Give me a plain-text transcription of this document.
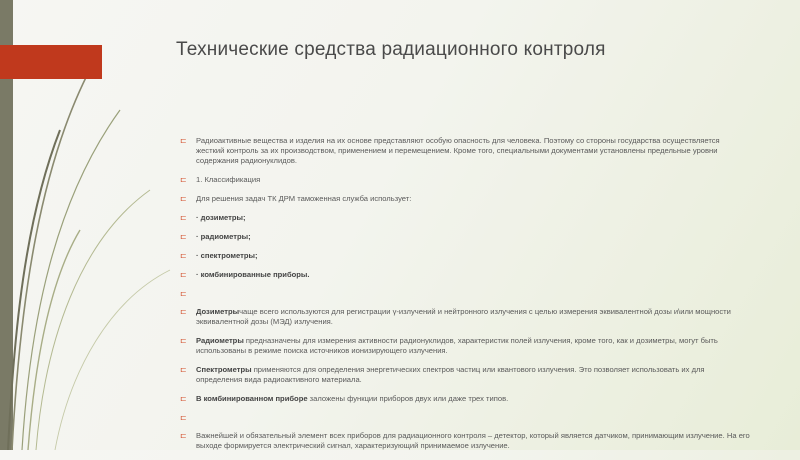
Технические средства радиационного контроля
⊏ Радиоактивные вещества и изделия на их основе представляют особую опасность для человека. Поэтому со стороны государства осуществляется жесткий контроль за их производством, применением и перемещением. Кроме того, специальными документами установлены предельные уровни содержания радионуклидов.
⊏ 1. Классификация
⊏ Для решения задач ТК ДРМ таможенная служба использует:
⊏ · дозиметры;
⊏ · радиометры;
⊏ · спектрометры;
⊏ · комбинированные приборы.
⊏
⊏ Дозиметрычаще всего используются для регистрации γ-излучений и нейтронного излучения с целью измерения эквивалентной дозы и\или мощности эквивалентной дозы (МЭД) излучения.
⊏ Радиометры предназначены для измерения активности радионуклидов, характеристик полей излучения, кроме того, как и дозиметры, могут быть использованы в режиме поиска источников ионизирующего излучения.
⊏ Спектрометры применяются для определения энергетических спектров частиц или квантового излучения. Это позволяет использовать их для определения вида радиоактивного материала.
⊏ В комбинированном приборе заложены функции приборов двух или даже трех типов.
⊏
⊏ Важнейшей и обязательный элемент всех приборов для радиационного контроля – детектор, который является датчиком, принимающим излучение. На его выходе формируется электрический сигнал, характеризующий принимаемое излучение.
